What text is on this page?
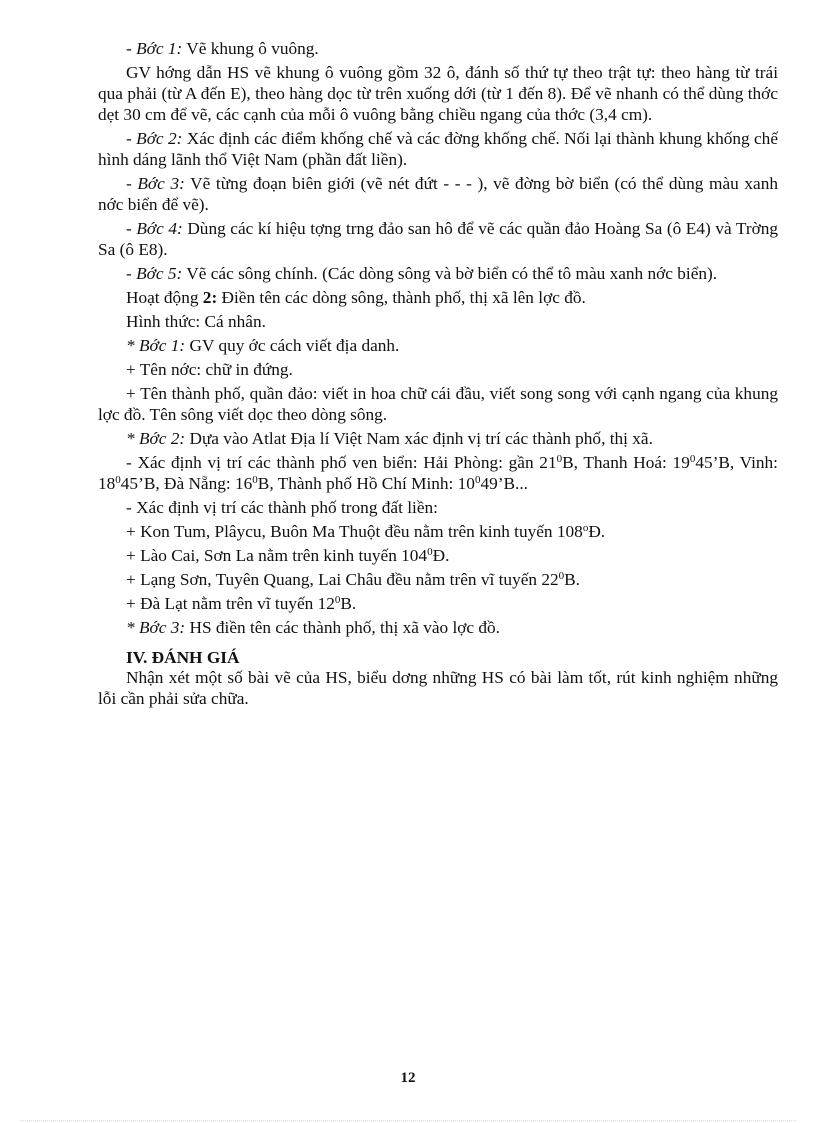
- Bớc 1: Vẽ khung ô vuông.

GV hớng dẫn HS vẽ khung ô vuông gồm 32 ô, đánh số thứ tự theo trật tự: theo hàng từ trái qua phải (từ A đến E), theo hàng dọc từ trên xuống dới (từ 1 đến 8). Để vẽ nhanh có thể dùng thớc dẹt 30 cm để vẽ, các cạnh của mỗi ô vuông bằng chiều ngang của thớc (3,4 cm).

- Bớc 2: Xác định các điểm khống chế và các đờng khống chế. Nối lại thành khung khống chế hình dáng lãnh thổ Việt Nam (phần đất liền).

- Bớc 3: Vẽ từng đoạn biên giới (vẽ nét đứt - - - ), vẽ đờng bờ biển (có thể dùng màu xanh nớc biển để vẽ).

- Bớc 4: Dùng các kí hiệu tợng trng đảo san hô để vẽ các quần đảo Hoàng Sa (ô E4) và Trờng Sa (ô E8).

- Bớc 5: Vẽ các sông chính. (Các dòng sông và bờ biển có thể tô màu xanh nớc biển).

Hoạt động 2: Điền tên các dòng sông, thành phố, thị xã lên lợc đồ.

Hình thức: Cá nhân.

* Bớc 1: GV quy ớc cách viết địa danh.

+ Tên nớc: chữ in đứng.

+ Tên thành phố, quần đảo: viết in hoa chữ cái đầu, viết song song với cạnh ngang của khung lợc đồ. Tên sông viết dọc theo dòng sông.

* Bớc 2: Dựa vào Atlat Địa lí Việt Nam xác định vị trí các thành phố, thị xã.

- Xác định vị trí các thành phố ven biển: Hải Phòng: gần $21^0B$, Thanh Hoá: $19^045’B$, Vinh: $18^045’B$, Đà Nẵng: $16^0B$, Thành phố Hồ Chí Minh: $10^049’B$...

- Xác định vị trí các thành phố trong đất liền:

+ Kon Tum, Plâycu, Buôn Ma Thuột đều nằm trên kinh tuyến 108$^o$Đ.

+ Lào Cai, Sơn La nằm trên kinh tuyến $104^0Đ$.

+ Lạng Sơn, Tuyên Quang, Lai Châu đều nằm trên vĩ tuyến $22^0B$.

+ Đà Lạt nằm trên vĩ tuyến $12^0B$.

* Bớc 3: HS điền tên các thành phố, thị xã vào lợc đồ.

IV. ĐÁNH GIÁ

Nhận xét một số bài vẽ của HS, biểu dơng những HS có bài làm tốt, rút kinh nghiệm những lỗi cần phải sửa chữa.

12
